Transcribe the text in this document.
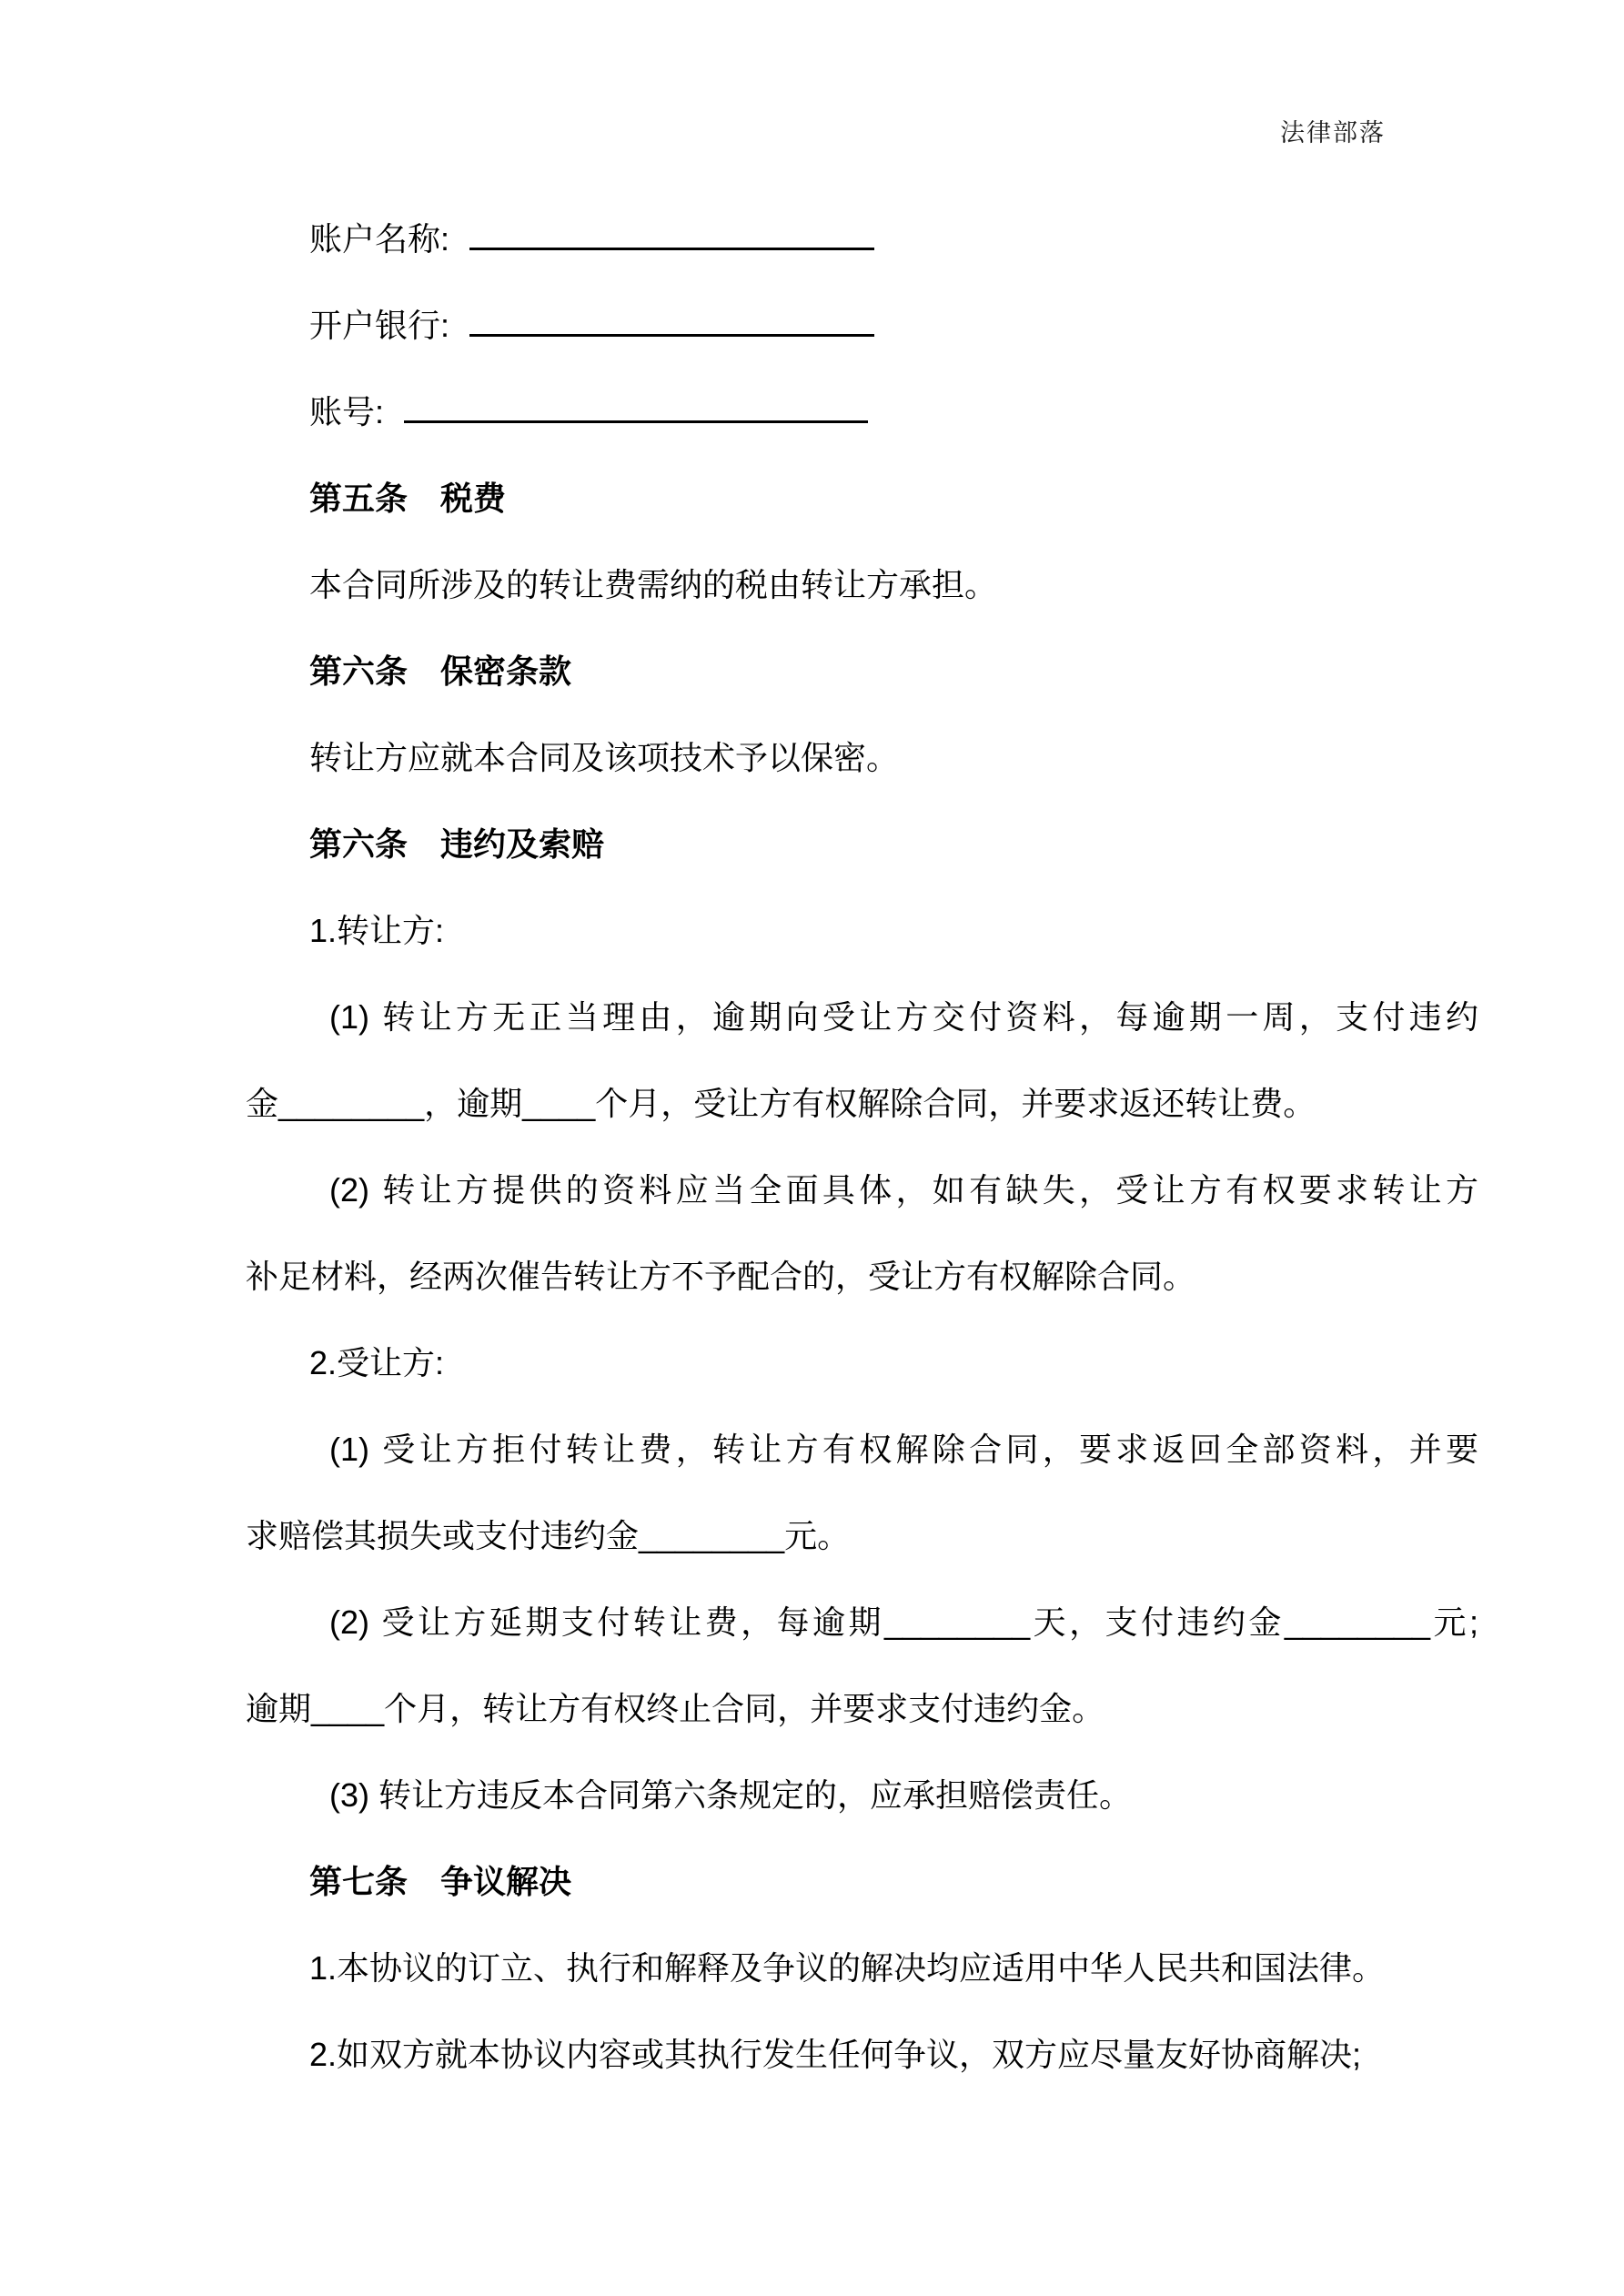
法律部落
账户名称:
开户银行:
账号:
第五条　税费
本合同所涉及的转让费需纳的税由转让方承担。
第六条　保密条款
转让方应就本合同及该项技术予以保密。
第六条　违约及索赔
1.转让方:
(1) 转让方无正当理由，逾期向受让方交付资料，每逾期一周，支付违约
金________，逾期____个月，受让方有权解除合同，并要求返还转让费。
(2) 转让方提供的资料应当全面具体，如有缺失，受让方有权要求转让方
补足材料，经两次催告转让方不予配合的，受让方有权解除合同。
2.受让方:
(1) 受让方拒付转让费，转让方有权解除合同，要求返回全部资料，并要
求赔偿其损失或支付违约金________元。
(2) 受让方延期支付转让费，每逾期________天，支付违约金________元;
逾期____个月，转让方有权终止合同，并要求支付违约金。
(3) 转让方违反本合同第六条规定的，应承担赔偿责任。
第七条　争议解决
1.本协议的订立、执行和解释及争议的解决均应适用中华人民共和国法律。
2.如双方就本协议内容或其执行发生任何争议，双方应尽量友好协商解决;
